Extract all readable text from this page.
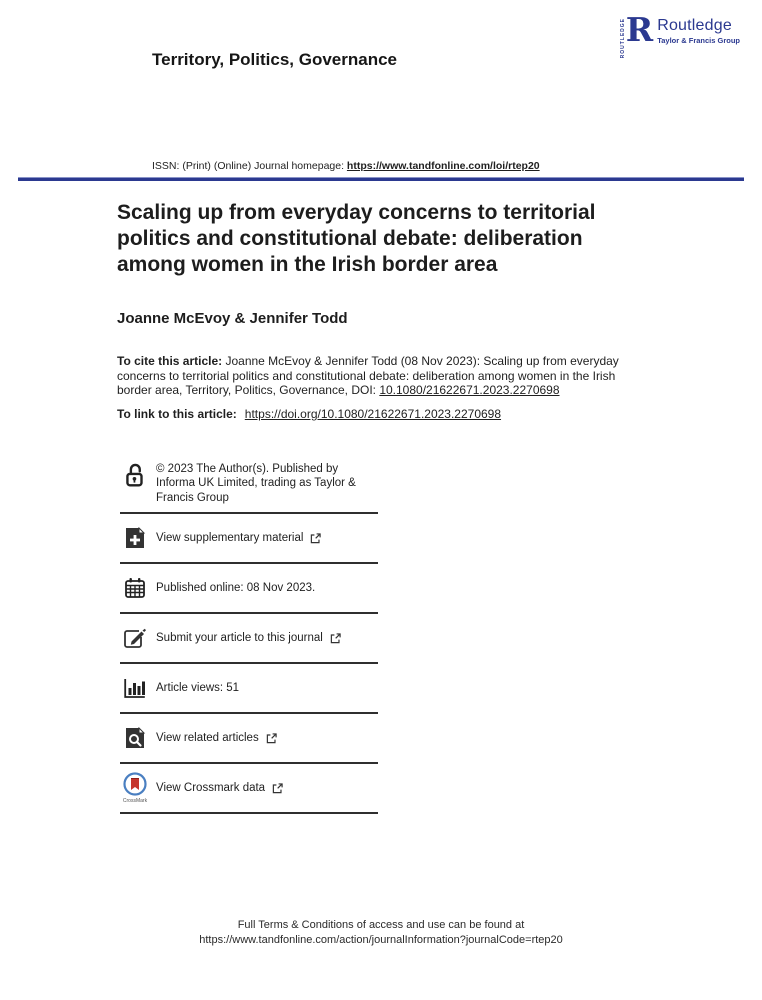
ROUTLEDGE R Routledge
Taylor & Francis Group
Territory, Politics, Governance
ISSN: (Print) (Online) Journal homepage: https://www.tandfonline.com/loi/rtep20
Scaling up from everyday concerns to territorial politics and constitutional debate: deliberation among women in the Irish border area
Joanne McEvoy & Jennifer Todd

To cite this article: Joanne McEvoy & Jennifer Todd (08 Nov 2023): Scaling up from everyday concerns to territorial politics and constitutional debate: deliberation among women in the Irish border area, Territory, Politics, Governance, DOI: 10.1080/21622671.2023.2270698

To link to this article: https://doi.org/10.1080/21622671.2023.2270698

© 2023 The Author(s). Published by Informa UK Limited, trading as Taylor & Francis Group
View supplementary material
Published online: 08 Nov 2023.
Submit your article to this journal
Article views: 51
View related articles
CrossMark
View Crossmark data
Full Terms & Conditions of access and use can be found at
https://www.tandfonline.com/action/journalInformation?journalCode=rtep20
